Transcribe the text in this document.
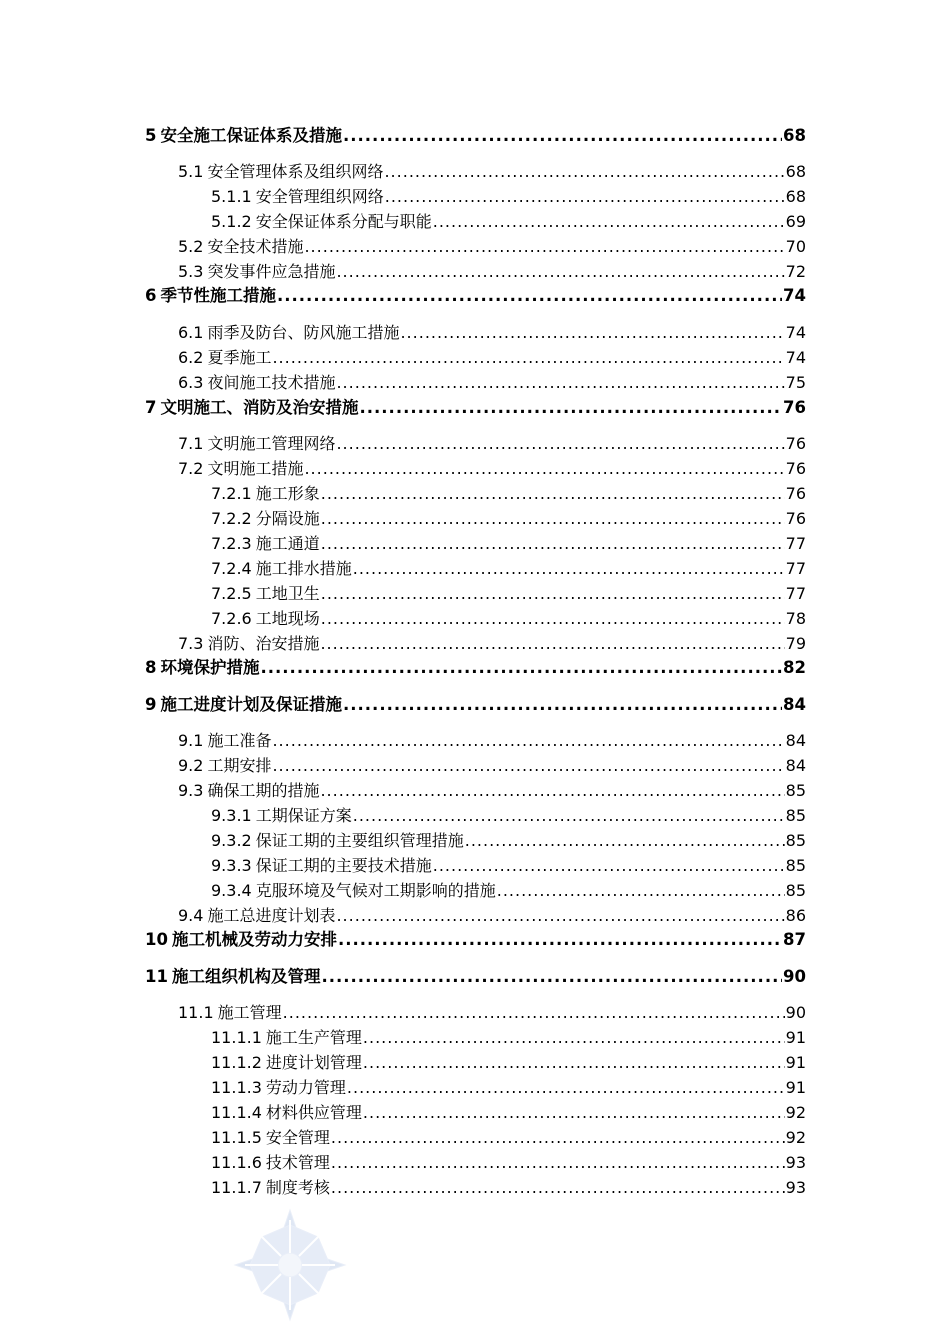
5 安全施工保证体系及措施 .....	68
5.1 安全管理体系及组织网络 .....	68
5.1.1 安全管理组织网络 .....	68
5.1.2 安全保证体系分配与职能 .....	69
5.2 安全技术措施 .....	70
5.3 突发事件应急措施 .....	72
6 季节性施工措施 .....	74
6.1 雨季及防台、防风施工措施 .....	74
6.2 夏季施工 .....	74
6.3 夜间施工技术措施 .....	75
7 文明施工、消防及治安措施 .....	76
7.1 文明施工管理网络 .....	76
7.2 文明施工措施 .....	76
7.2.1 施工形象 .....	76
7.2.2 分隔设施 .....	76
7.2.3 施工通道 .....	77
7.2.4 施工排水措施 .....	77
7.2.5 工地卫生 .....	77
7.2.6 工地现场 .....	78
7.3 消防、治安措施 .....	79
8 环境保护措施 .....	82
9 施工进度计划及保证措施 .....	84
9.1 施工准备 .....	84
9.2 工期安排 .....	84
9.3 确保工期的措施 .....	85
9.3.1 工期保证方案 .....	85
9.3.2 保证工期的主要组织管理措施 .....	85
9.3.3 保证工期的主要技术措施 .....	85
9.3.4 克服环境及气候对工期影响的措施 .....	85
9.4 施工总进度计划表 .....	86
10 施工机械及劳动力安排 .....	87
11 施工组织机构及管理 .....	90
11.1 施工管理 .....	90
11.1.1 施工生产管理 .....	91
11.1.2 进度计划管理 .....	91
11.1.3 劳动力管理 .....	91
11.1.4 材料供应管理 .....	92
11.1.5 安全管理 .....	92
11.1.6 技术管理 .....	93
11.1.7 制度考核 .....	93
